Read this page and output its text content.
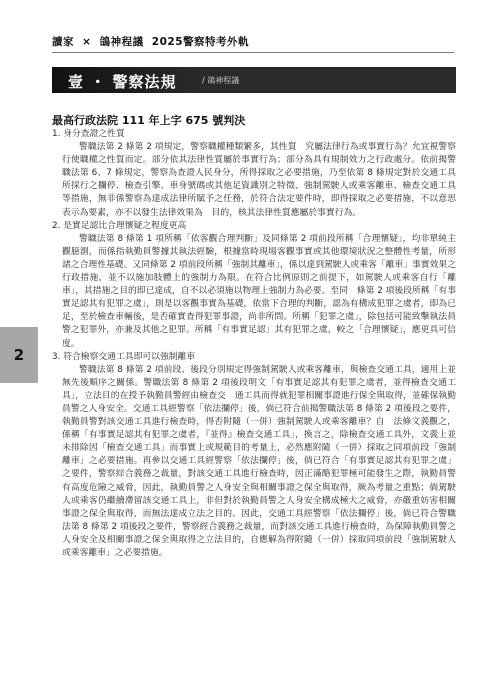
讀家 × 鴿神程議 2025警察特考外軌
壹 ・ 警察法規	/ 鴿神程議
2
最高行政法院 111 年上字 675 號判決
1. 身分查證之性質

警職法第 2 條第 2 項規定，警察職權種類繁多，其性質　究屬法律行為或事實行為？允宜視警察行使職權之性質而定。部分依其法律性質屬於事實行為；部分為具有規制效力之行政處分。依前揭警職法第 6、7 條規定，警察為查證人民身分，所得採取之必要措施，乃至依第 8 條規定對於交通工具　所採行之攔停、檢查引擎、車身號碼或其他足資識別之特徵、強制駕駛人或乘客離車、檢查交通工具等措施，無非係警察為達成法律所賦予之任務，於符合法定要件時，即得採取之必要措施，不以意思表示為要素，亦不以發生法律效果為　目的，核其法律性質應屬於事實行為。

2. 是實足認比合理懷疑之程度更高

警職法第 8 條第 1 項所稱「依客觀合理判斷」及同條第 2 項前段所稱「合理懷疑」，均非單純主觀臆測，而係指執勤員警據其執法經驗，根據當時現場客觀事實或其他環境狀況之整體性考量，所形諸之合理性基礎。又同條第 2 項前段所稱「強制其離車」，係以達到駕駛人或乘客「離車」事實效果之行政措施，並不以施加肢體上的強制力為限。在符合比例原則之前提下，如駕駛人或乘客自行「離車」，其措施之目的即已達成，自不以必須施以物理上強制力為必要。至同　條第 2 項後段所稱「有事實足認其有犯罪之虞」，則是以客觀事實為基礎，依當下合理的判斷，認為有構成犯罪之虞者，即為已足，至於檢查車輛後，是否確實查得犯罪事證，尚非所問。所稱「犯罪之虞」，除包括可能致擊執法員警之犯罪外，亦兼及其他之犯罪。所稱「有事實足認」其有犯罪之虞，較之「合理懷疑」，應更具可信度。

3. 符合檢察交通工具即可以強制離車

警職法第 8 條第 2 項前段、後段分別規定得強制駕駛人或乘客離車，與檢查交通工具，適用上並無先後順序之關係。警職法第 8 條第 2 項後段明文「有事實足認其有犯罪之虞者，並得檢查交通工具」，立法目的在授予執勤員警經由檢查交　通工具而得就犯罪相關事證進行保全與取得，並確保執勤員警之人身安全。交通工具經警察「依法攔停」後，倘已符合前揭警職法第 8 條第 2 項後段之要件，執勤員警對該交通工具進行檢查時，得否附隨（一併）強制駕駛人或乘客離車？自　法條文義觀之，係稱「有事實足認其有犯罪之虞者，『並得』檢查交通工具」，換言之，除檢查交通工具外，文義上並未排除因「檢查交通工具」而事實上或規範目的考量上，必然應附隨（一併）採取之同項前段「強制離車」之必要措施。再參以交通工具經警察「依法攔停」後，倘已符合「有事實足認其有犯罪之虞」之要件，警察綜合義務之裁量，對該交通工具進行檢查時，因正滿酪犯罪極可能發生之際，執勤員警有高度危險之威脅，因此，執勤員警之人身安全與相關事證之保全與取得，厥為考量之重點；倘駕駛人或乘客仍繼續滯留該交通工具上，非但對於執勤員警之人身安全構成極大之威脅，亦嚴重妨害相關事證之保全與取得，而無法達成立法之目的。因此，交通工具經警察「依法攔停」後，倘已符合警職法第 8 條第 2 項後段之要件，警察經合義務之裁量，而對該交通工具進行檢查時，為保障執勤員警之人身安全及相關事證之保全與取得之立法目的，自應解為得附隨（一併）採取同項前段「強制駕駛人或乘客離車」之必要措施。
